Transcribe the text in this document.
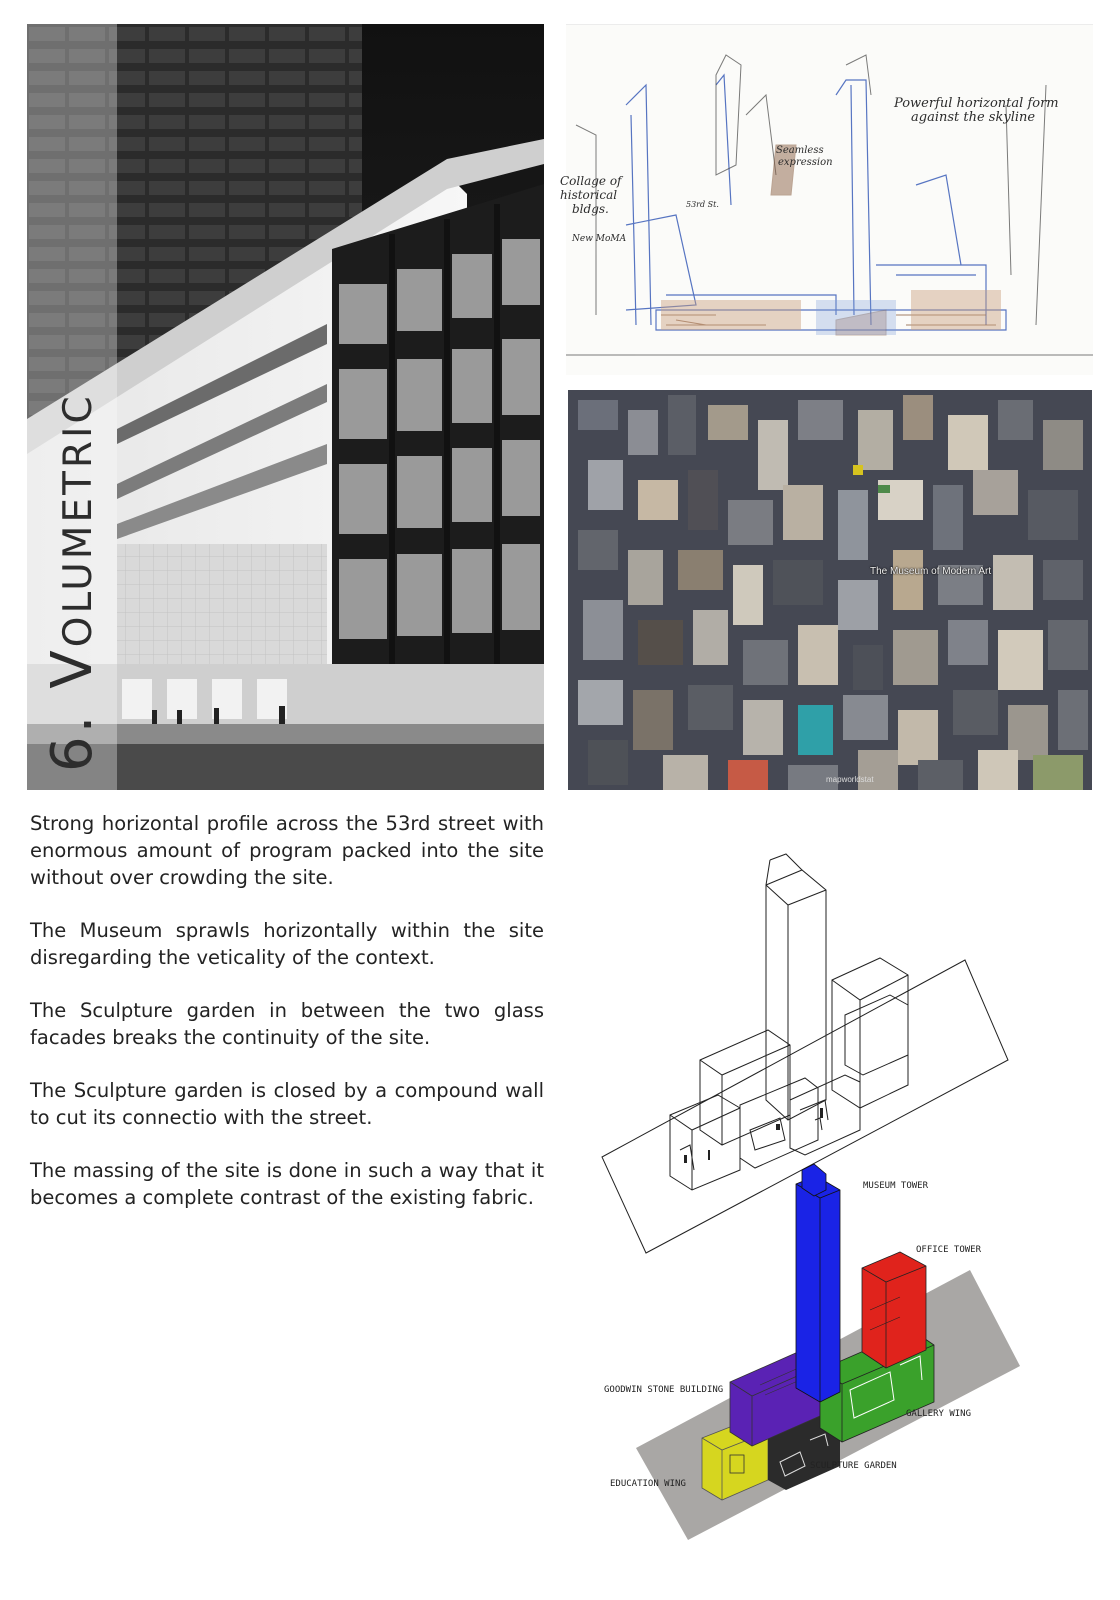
6.Volumetric
Powerful horizontal form
against the skyline
Seamless
expression
Collage of
historical
bldgs.	53rd St.
New MoMA
The Museum of Modern Art
mapworldstat

Strong horizontal profile across the 53rd street with enormous amount of program packed into the site without over crowding the site.

The Museum sprawls horizontally within the site disregarding the veticality of the context.

The Sculpture garden in between the two glass facades breaks the continuity of the site.

The Sculpture garden is closed by a compound wall to cut its connectio with the street.

The massing of the site is done in such a way that it becomes a complete contrast of the existing fabric.	MUSEUM TOWER
OFFICE TOWER
GOODWIN STONE BUILDING
GALLERY WING
SCULPTURE GARDEN
EDUCATION WING
